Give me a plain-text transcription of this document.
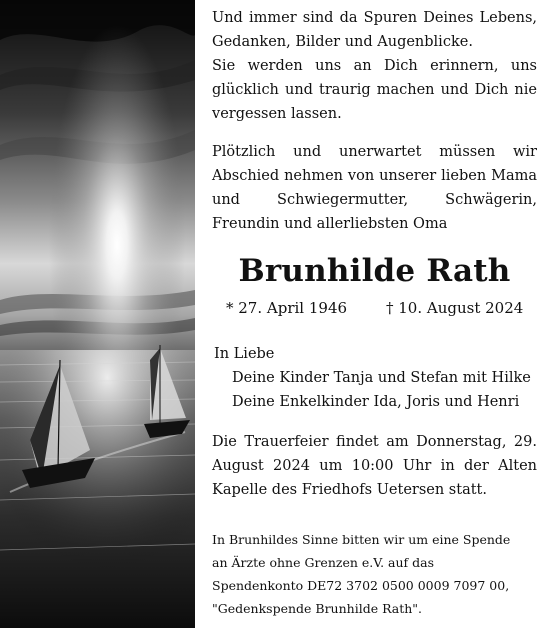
Und immer sind da Spuren Deines Lebens, Gedanken, Bilder und Augenblicke.

Sie werden uns an Dich erinnern, uns glücklich und traurig machen und Dich nie vergessen lassen.

Plötzlich und unerwartet müssen wir Abschied nehmen von unserer lieben Mama und Schwiegermutter, Schwägerin, Freundin und allerliebsten Oma
Brunhilde Rath
* 27. April 1946	† 10. August 2024
In Liebe
Deine Kinder Tanja und Stefan mit Hilke
Deine Enkelkinder Ida, Joris und Henri
Die Trauerfeier findet am Donnerstag, 29. August 2024 um 10:00 Uhr in der Alten Kapelle des Friedhofs Uetersen statt.
In Brunhildes Sinne bitten wir um eine Spende
an Ärzte ohne Grenzen e.V. auf das
Spendenkonto DE72 3702 0500 0009 7097 00,
"Gedenkspende Brunhilde Rath".
